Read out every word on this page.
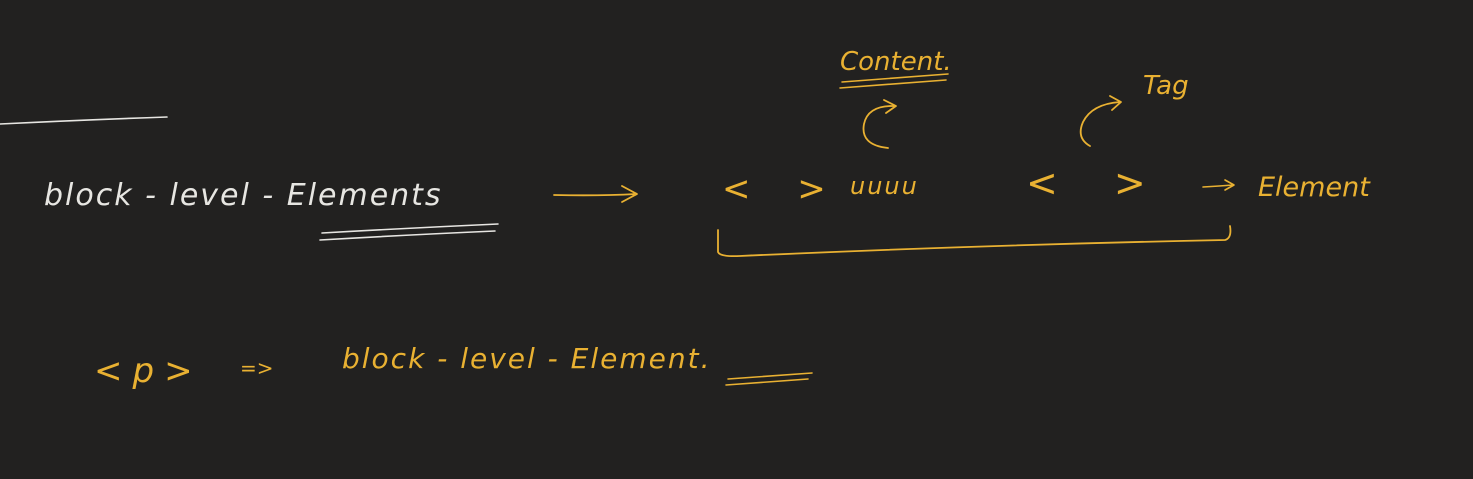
block - level - Elements
Content.
Tag
< > uuuu	< >	Element
<p> => block - level - Element.
